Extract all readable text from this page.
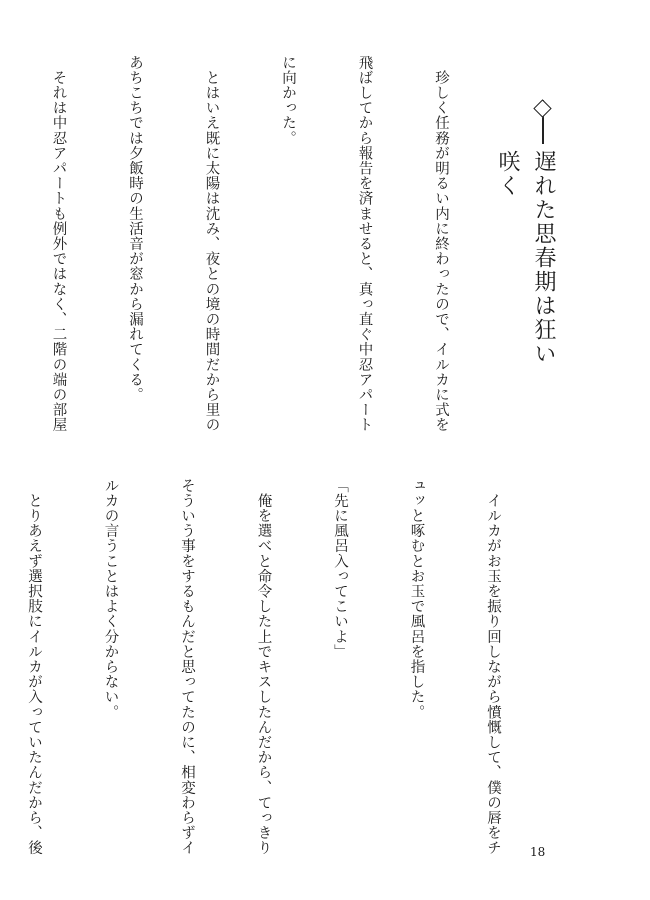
遅れた思春期は狂い咲く

　珍しく任務が明るい内に終わったので、イルカに式を

飛ばしてから報告を済ませると、真っ直ぐ中忍アパート

に向かった。

　とはいえ既に太陽は沈み、夜との境の時間だから里の

あちこちでは夕飯時の生活音が窓から漏れてくる。

　それは中忍アパートも例外ではなく、二階の端の部屋

　イルカがお玉を振り回しながら憤慨して、僕の唇をチ

ュッと啄むとお玉で風呂を指した。

「先に風呂入ってこいよ」

　俺を選べと命令した上でキスしたんだから、てっきり

そういう事をするもんだと思ってたのに、相変わらずイ

ルカの言うことはよく分からない。

　とりあえず選択肢にイルカが入っていたんだから、後

	18
